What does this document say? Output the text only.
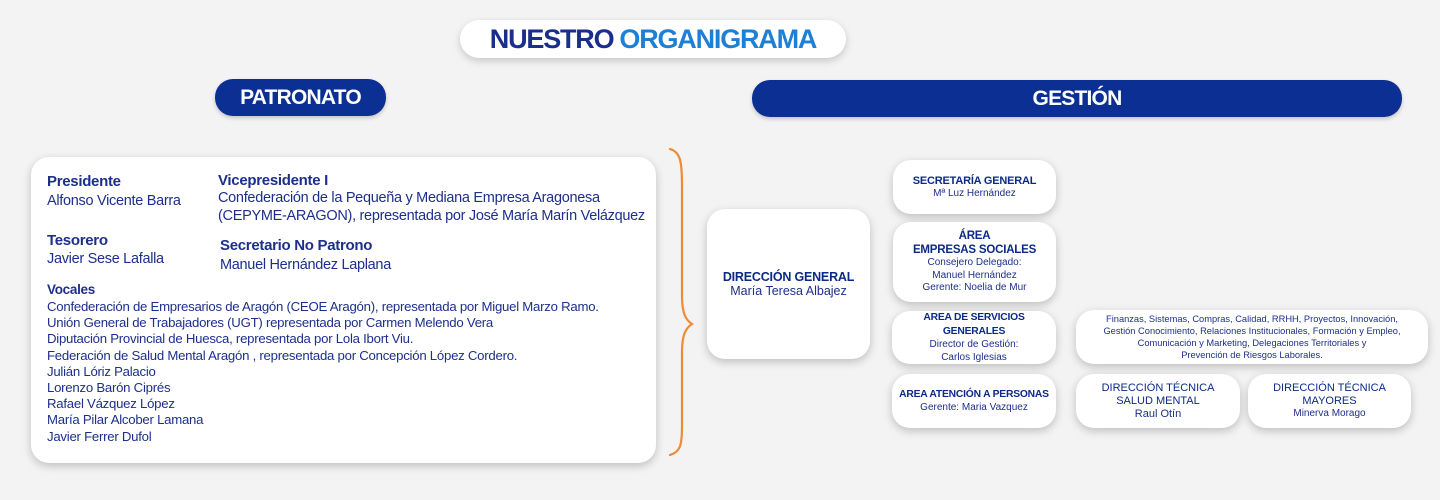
NUESTRO ORGANIGRAMA
PATRONATO	GESTIÓN
Presidente
Alfonso Vicente Barra
Vicepresidente I
Confederación de la Pequeña y Mediana Empresa Aragonesa
(CEPYME-ARAGON), representada por José María Marín Velázquez
Tesorero
Javier Sese Lafalla
Secretario No Patrono
Manuel Hernández Laplana
Vocales
Confederación de Empresarios de Aragón (CEOE Aragón), representada por Miguel Marzo Ramo.
Unión General de Trabajadores (UGT) representada por Carmen Melendo Vera
Diputación Provincial de Huesca, representada por Lola Ibort Viu.
Federación de Salud Mental Aragón , representada por Concepción López Cordero.
Julián Lóriz Palacio
Lorenzo Barón Ciprés
Rafael Vázquez López
María Pilar Alcober Lamana
Javier Ferrer Dufol
DIRECCIÓN GENERAL
María Teresa Albajez
SECRETARÍA GENERAL
Mª Luz Hernández
ÁREA
EMPRESAS SOCIALES
Consejero Delegado:
Manuel Hernández
Gerente: Noelia de Mur
AREA DE SERVICIOS GENERALES
Director de Gestión:
Carlos Iglesias
AREA ATENCIÓN A PERSONAS
Gerente: Maria Vazquez
Finanzas, Sistemas, Compras, Calidad, RRHH, Proyectos, Innovación,
Gestión Conocimiento, Relaciones Institucionales, Formación y Empleo,
Comunicación y Marketing, Delegaciones Territoriales y
Prevención de Riesgos Laborales.
DIRECCIÓN TÉCNICA
SALUD MENTAL
Raul Otín
DIRECCIÓN TÉCNICA MAYORES
Minerva Morago
